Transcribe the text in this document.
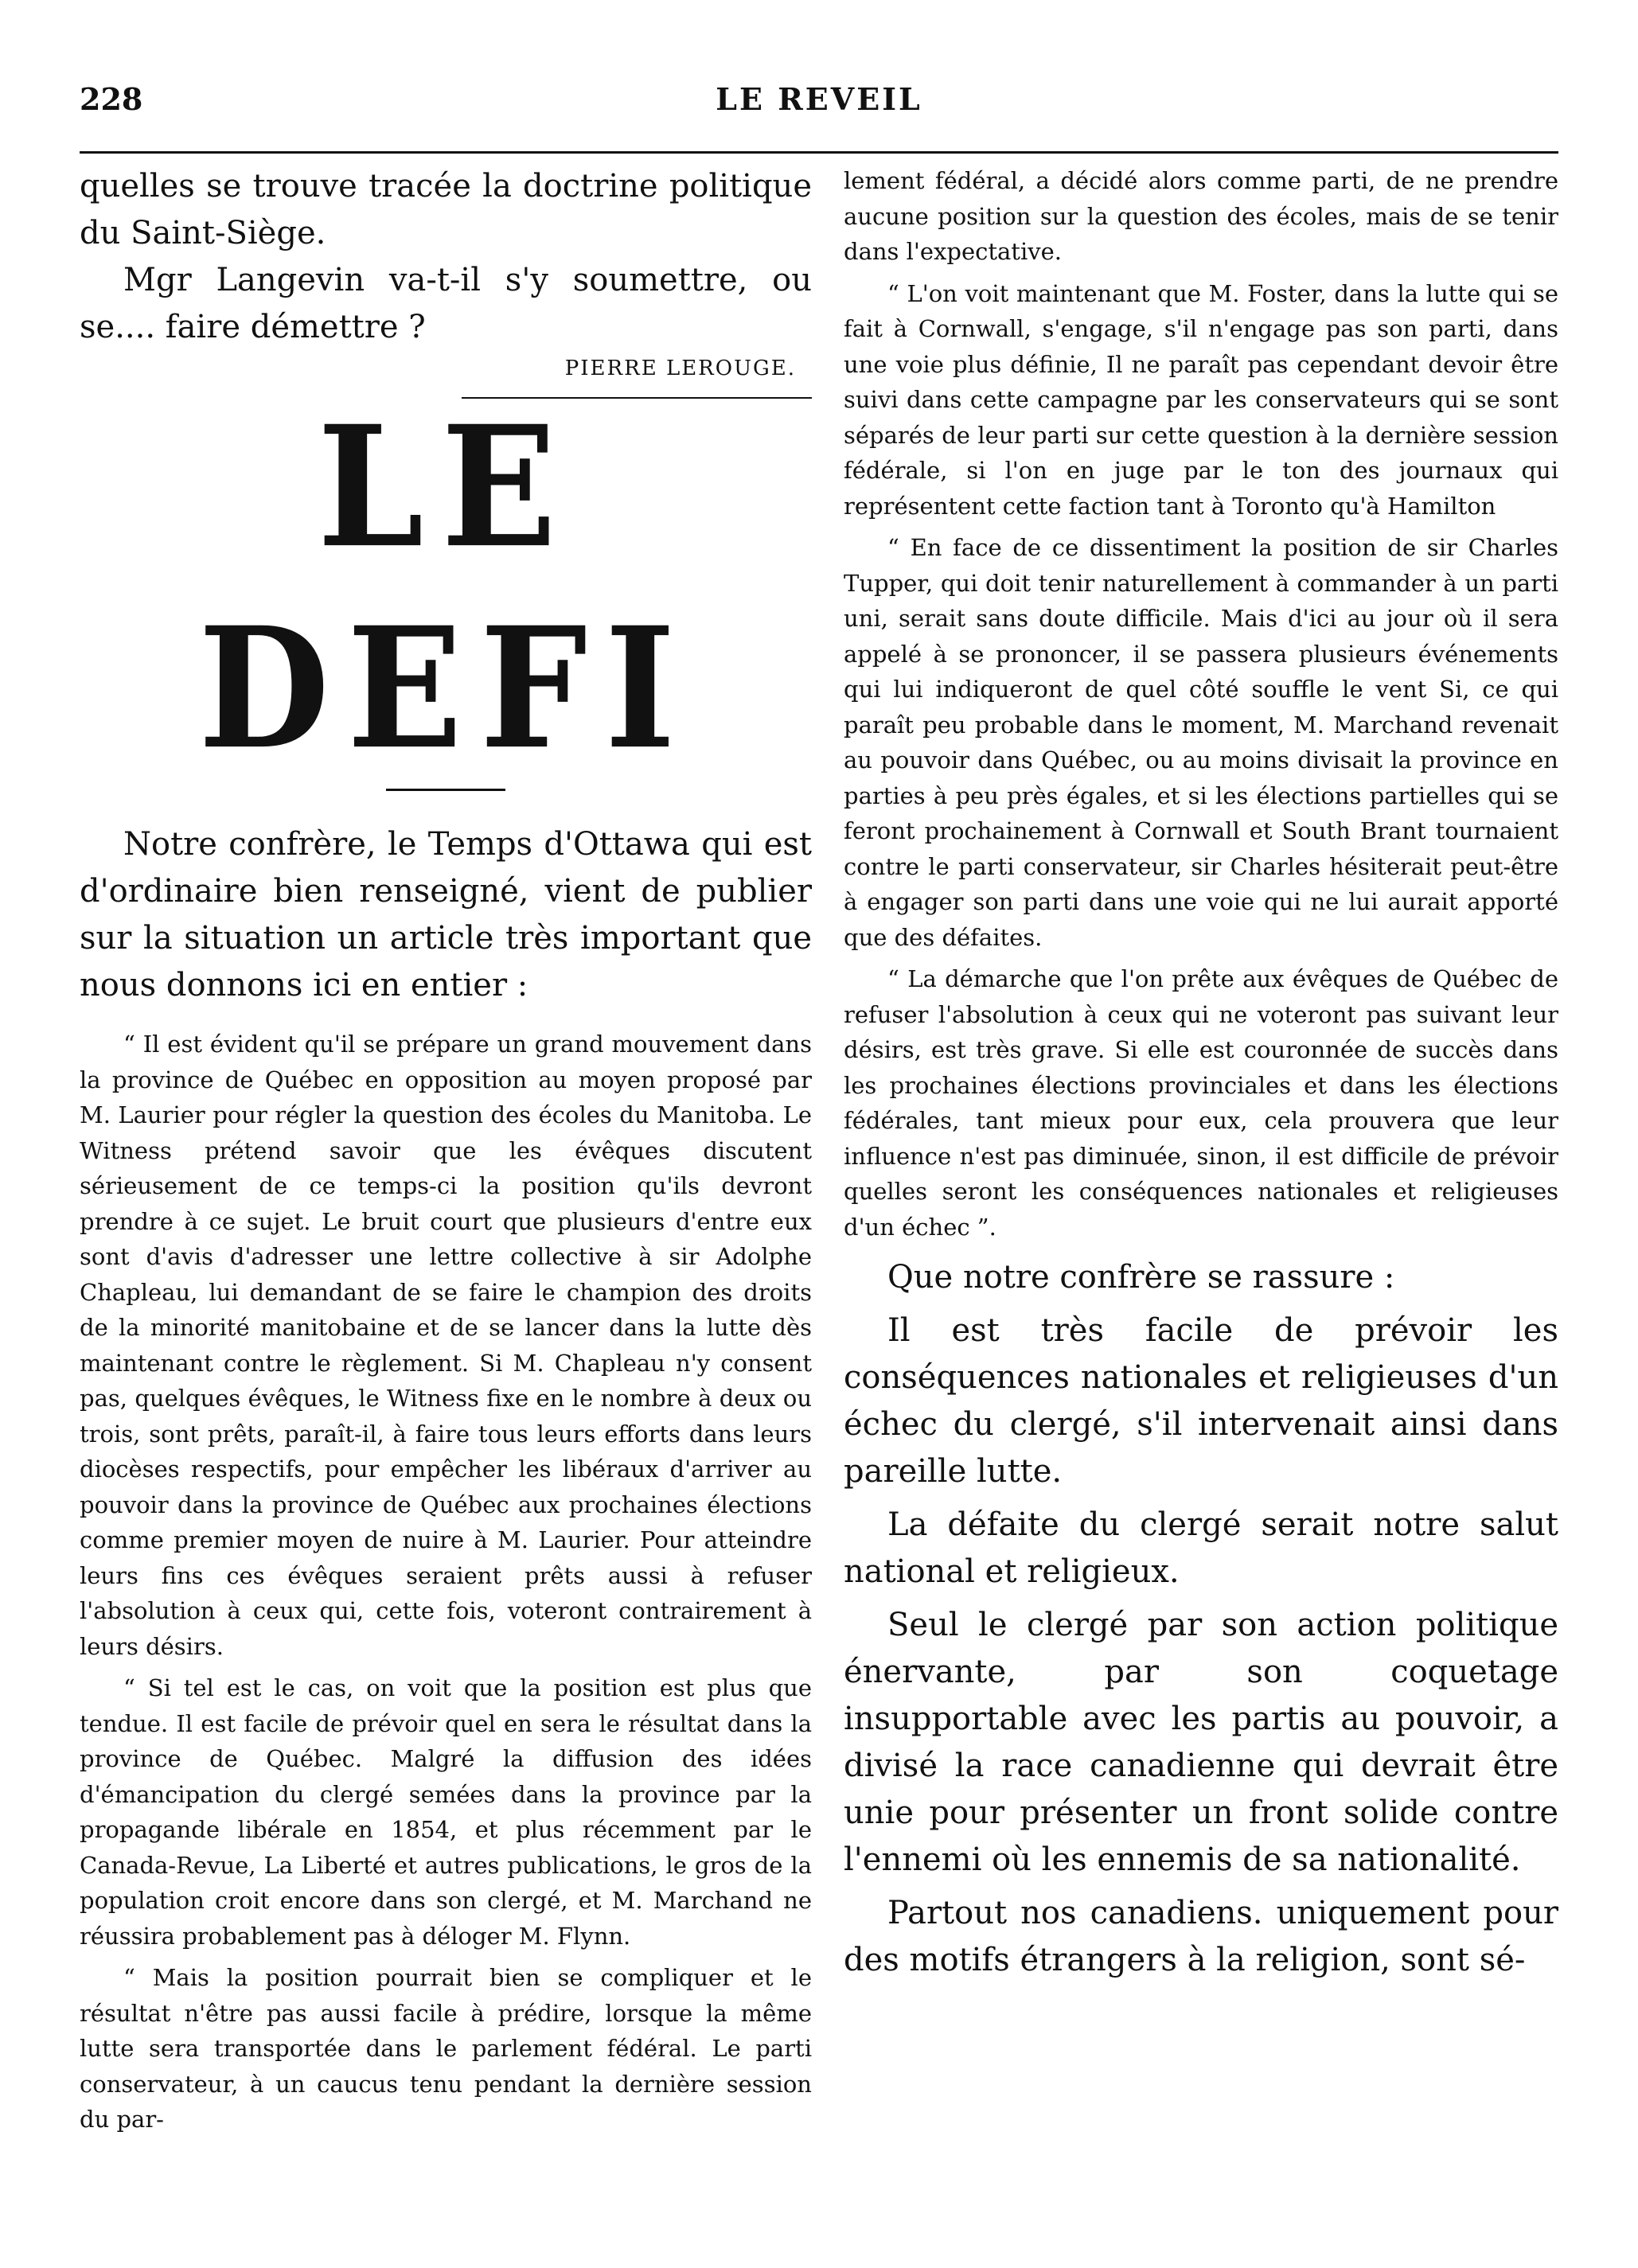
228	LE REVEIL

quelles se trouve tracée la doctrine politique du Saint-Siège.

Mgr Langevin va-t-il s'y soumettre, ou se.... faire démettre ?

PIERRE LEROUGE.
LE DEFI

Notre confrère, le Temps d'Ottawa qui est d'ordinaire bien renseigné, vient de publier sur la situation un article très important que nous donnons ici en entier :

“ Il est évident qu'il se prépare un grand mouvement dans la province de Québec en opposition au moyen proposé par M. Laurier pour régler la question des écoles du Manitoba. Le Witness prétend savoir que les évêques discutent sérieusement de ce temps-ci la position qu'ils devront prendre à ce sujet. Le bruit court que plusieurs d'entre eux sont d'avis d'adresser une lettre collective à sir Adolphe Chapleau, lui demandant de se faire le champion des droits de la minorité manitobaine et de se lancer dans la lutte dès maintenant contre le règlement. Si M. Chapleau n'y consent pas, quelques évêques, le Witness fixe en le nombre à deux ou trois, sont prêts, paraît-il, à faire tous leurs efforts dans leurs diocèses respectifs, pour empêcher les libéraux d'arriver au pouvoir dans la province de Québec aux prochaines élections comme premier moyen de nuire à M. Laurier. Pour atteindre leurs fins ces évêques seraient prêts aussi à refuser l'absolution à ceux qui, cette fois, voteront contrairement à leurs désirs.

“ Si tel est le cas, on voit que la position est plus que tendue. Il est facile de prévoir quel en sera le résultat dans la province de Québec. Malgré la diffusion des idées d'émancipation du clergé semées dans la province par la propagande libérale en 1854, et plus récemment par le Canada-Revue, La Liberté et autres publications, le gros de la population croit encore dans son clergé, et M. Marchand ne réussira probablement pas à déloger M. Flynn.

“ Mais la position pourrait bien se compliquer et le résultat n'être pas aussi facile à prédire, lorsque la même lutte sera transportée dans le parlement fédéral. Le parti conservateur, à un caucus tenu pendant la dernière session du par-

lement fédéral, a décidé alors comme parti, de ne prendre aucune position sur la question des écoles, mais de se tenir dans l'expectative.

“ L'on voit maintenant que M. Foster, dans la lutte qui se fait à Cornwall, s'engage, s'il n'engage pas son parti, dans une voie plus définie, Il ne paraît pas cependant devoir être suivi dans cette campagne par les conservateurs qui se sont séparés de leur parti sur cette question à la dernière session fédérale, si l'on en juge par le ton des journaux qui représentent cette faction tant à Toronto qu'à Hamilton

“ En face de ce dissentiment la position de sir Charles Tupper, qui doit tenir naturellement à commander à un parti uni, serait sans doute difficile. Mais d'ici au jour où il sera appelé à se prononcer, il se passera plusieurs événements qui lui indiqueront de quel côté souffle le vent Si, ce qui paraît peu probable dans le moment, M. Marchand revenait au pouvoir dans Québec, ou au moins divisait la province en parties à peu près égales, et si les élections partielles qui se feront prochainement à Cornwall et South Brant tournaient contre le parti conservateur, sir Charles hésiterait peut-être à engager son parti dans une voie qui ne lui aurait apporté que des défaites.

“ La démarche que l'on prête aux évêques de Québec de refuser l'absolution à ceux qui ne voteront pas suivant leur désirs, est très grave. Si elle est couronnée de succès dans les prochaines élections provinciales et dans les élections fédérales, tant mieux pour eux, cela prouvera que leur influence n'est pas diminuée, sinon, il est difficile de prévoir quelles seront les conséquences nationales et religieuses d'un échec ”.

Que notre confrère se rassure :

Il est très facile de prévoir les conséquences nationales et religieuses d'un échec du clergé, s'il intervenait ainsi dans pareille lutte.

La défaite du clergé serait notre salut national et religieux.

Seul le clergé par son action politique énervante, par son coquetage insupportable avec les partis au pouvoir, a divisé la race canadienne qui devrait être unie pour présenter un front solide contre l'ennemi où les ennemis de sa nationalité.

Partout nos canadiens. uniquement pour des motifs étrangers à la religion, sont sé-
